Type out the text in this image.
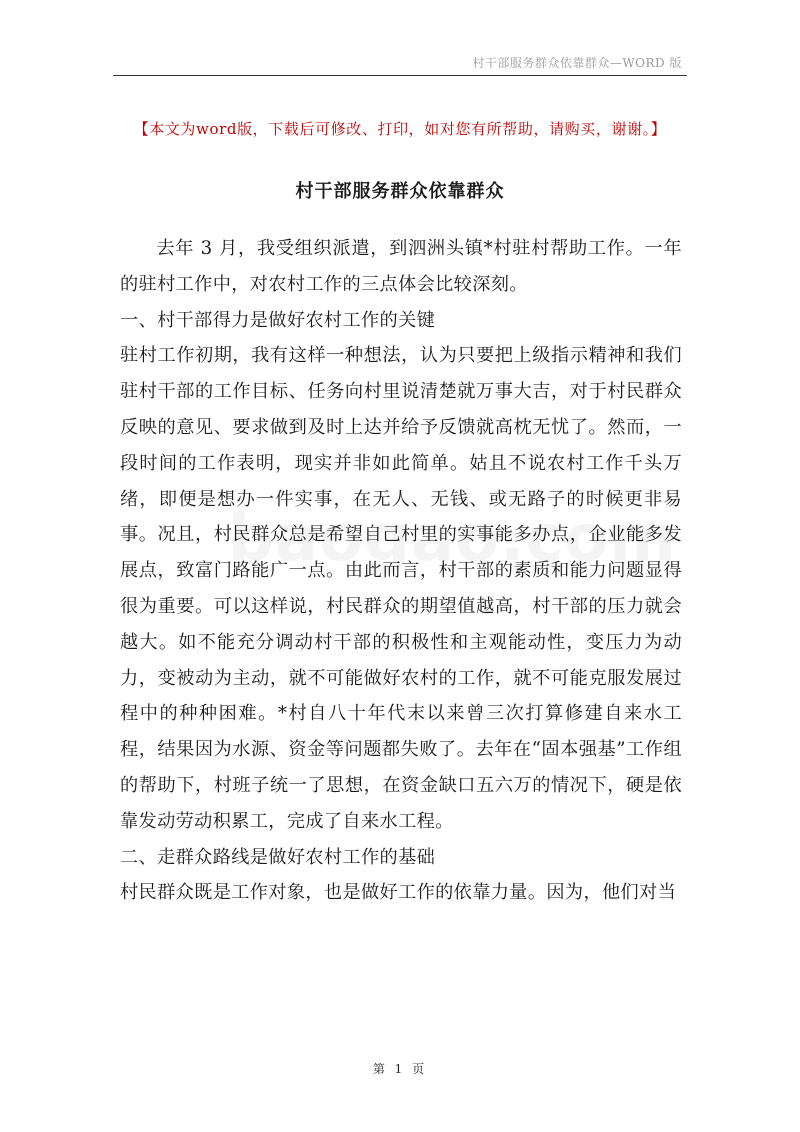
村干部服务群众依靠群众—WORD 版
【本文为word版，下载后可修改、打印，如对您有所帮助，请购买，谢谢。】
村干部服务群众依靠群众

去年 3 月，我受组织派遣，到泗洲头镇*村驻村帮助工作。一年的驻村工作中，对农村工作的三点体会比较深刻。

一、村干部得力是做好农村工作的关键

驻村工作初期，我有这样一种想法，认为只要把上级指示精神和我们驻村干部的工作目标、任务向村里说清楚就万事大吉，对于村民群众反映的意见、要求做到及时上达并给予反馈就高枕无忧了。然而，一段时间的工作表明，现实并非如此简单。姑且不说农村工作千头万绪，即便是想办一件实事，在无人、无钱、或无路子的时候更非易事。况且，村民群众总是希望自己村里的实事能多办点，企业能多发展点，致富门路能广一点。由此而言，村干部的素质和能力问题显得很为重要。可以这样说，村民群众的期望值越高，村干部的压力就会越大。如不能充分调动村干部的积极性和主观能动性，变压力为动力，变被动为主动，就不可能做好农村的工作，就不可能克服发展过程中的种种困难。*村自八十年代末以来曾三次打算修建自来水工程，结果因为水源、资金等问题都失败了。去年在“固本强基”工作组的帮助下，村班子统一了思想，在资金缺口五六万的情况下，硬是依靠发动劳动积累工，完成了自来水工程。

二、走群众路线是做好农村工作的基础

村民群众既是工作对象，也是做好工作的依靠力量。因为，他们对当

第 1 页
